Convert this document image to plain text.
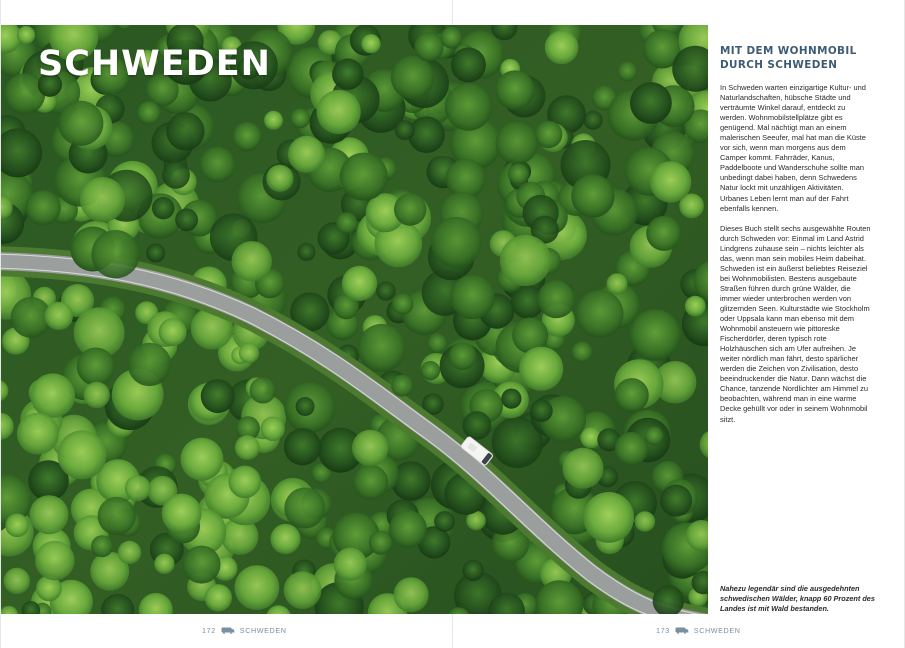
SCHWEDEN	MIT DEM WOHNMOBIL
DURCH SCHWEDEN

In Schweden warten einzigartige Kultur- und Naturlandschaften, hübsche Städte und verträumte Winkel darauf, entdeckt zu werden. Wohnmobilstellplätze gibt es genügend. Mal nächtigt man an einem malerischen Seeufer, mal hat man die Küste vor sich, wenn man morgens aus dem Camper kommt. Fahrräder, Kanus, Paddelboote und Wanderschuhe sollte man unbedingt dabei haben, denn Schwedens Natur lockt mit unzähligen Aktivitäten. Urbanes Leben lernt man auf der Fahrt ebenfalls kennen.

Dieses Buch stellt sechs ausgewählte Routen durch Schweden vor: Einmal im Land Astrid Lindgrens zuhause sein – nichts leichter als das, wenn man sein mobiles Heim dabeihat. Schweden ist ein äußerst beliebtes Reiseziel bei Wohnmobilisten. Bestens ausgebaute Straßen führen durch grüne Wälder, die immer wieder unterbrochen werden von glitzernden Seen. Kulturstädte wie Stockholm oder Uppsala kann man ebenso mit dem Wohnmobil ansteuern wie pittoreske Fischerdörfer, deren typisch rote Holzhäuschen sich am Ufer aufreihen. Je weiter nördlich man fährt, desto spärlicher werden die Zeichen von Zivilisation, desto beeindruckender die Natur. Dann wächst die Chance, tanzende Nordlichter am Himmel zu beobachten, während man in eine warme Decke gehüllt vor oder in seinem Wohnmobil sitzt.

Nahezu legendär sind die ausgedehnten schwedischen Wälder, knapp 60 Prozent des Landes ist mit Wald bestanden.

172	SCHWEDEN	173	SCHWEDEN
